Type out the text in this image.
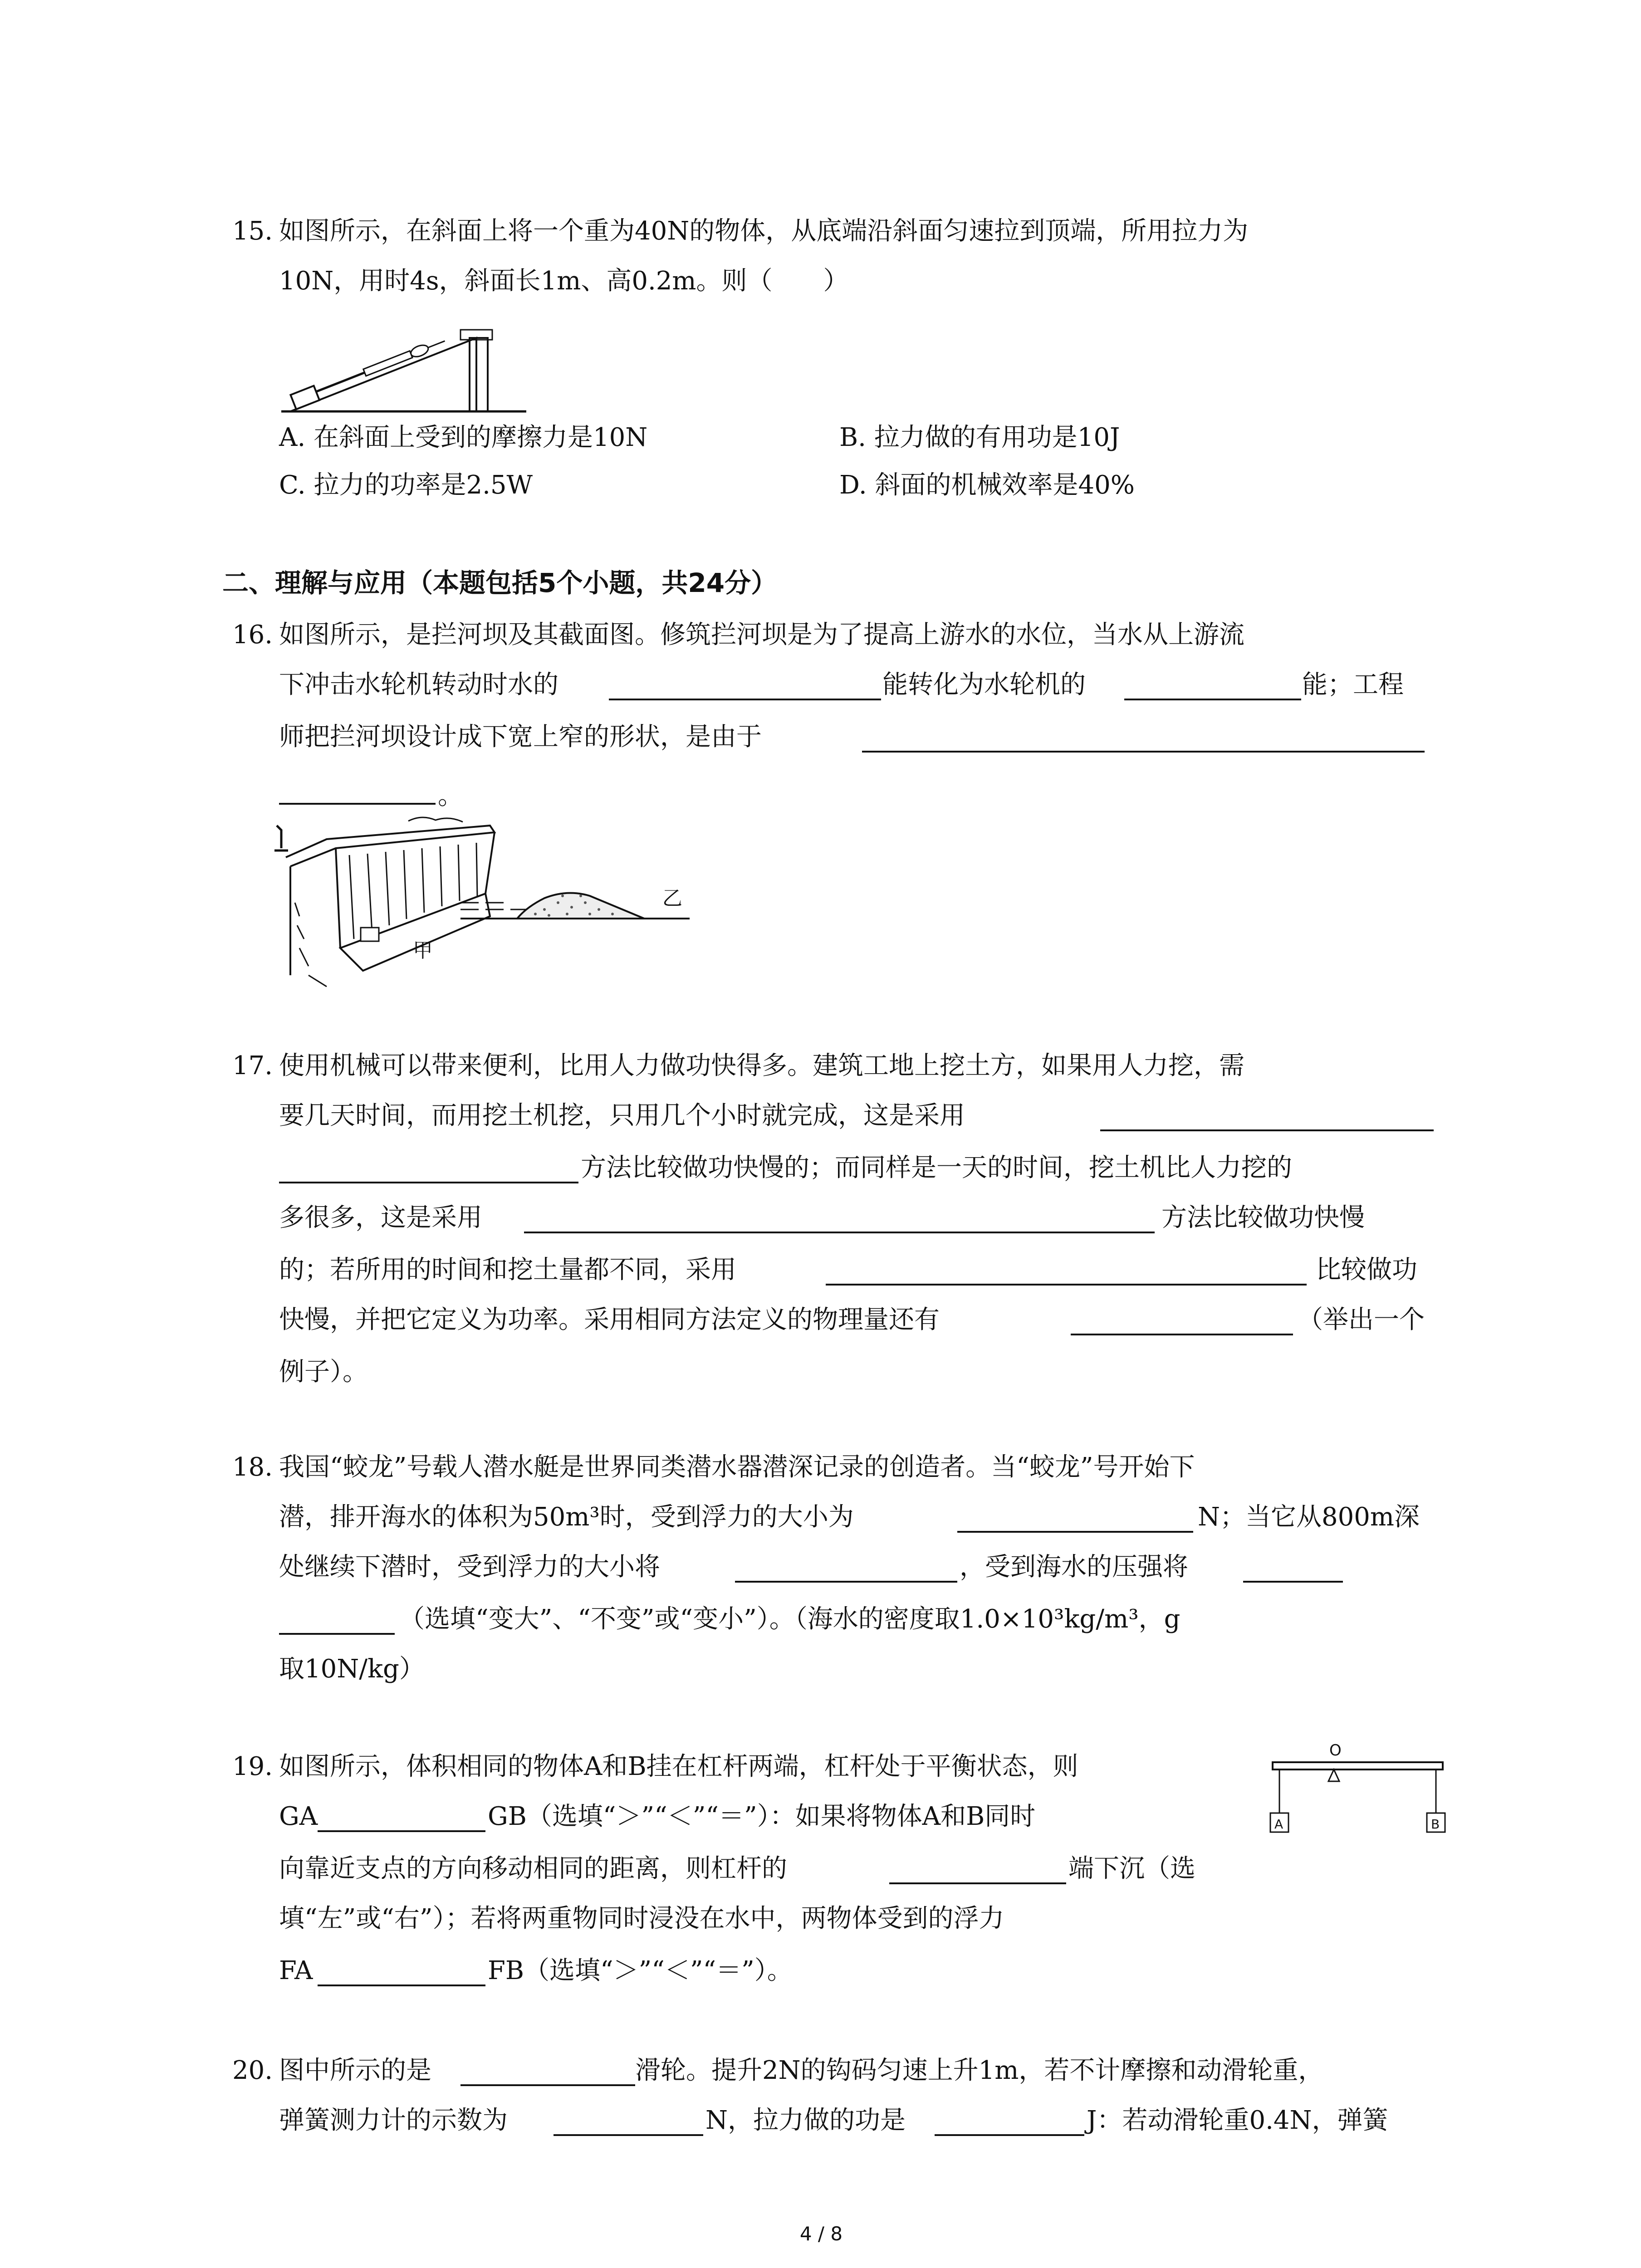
15. 如图所示，在斜面上将一个重为40N的物体，从底端沿斜面匀速拉到顶端，所用拉力为
10N，用时4s，斜面长1m、高0.2m。则（　　）
A. 在斜面上受到的摩擦力是10N	B. 拉力做的有用功是10J
C. 拉力的功率是2.5W	D. 斜面的机械效率是40%
二、理解与应用（本题包括5个小题，共24分）
16. 如图所示，是拦河坝及其截面图。修筑拦河坝是为了提高上游水的水位，当水从上游流
下冲击水轮机转动时水的	能转化为水轮机的	能；工程
师把拦河坝设计成下宽上窄的形状，是由于
。
乙
甲
17. 使用机械可以带来便利，比用人力做功快得多。建筑工地上挖土方，如果用人力挖，需
要几天时间，而用挖土机挖，只用几个小时就完成，这是采用
方法比较做功快慢的；而同样是一天的时间，挖土机比人力挖的
多很多，这是采用	方法比较做功快慢
的；若所用的时间和挖土量都不同，采用	比较做功
快慢，并把它定义为功率。采用相同方法定义的物理量还有	（举出一个
例子）。
18. 我国“蛟龙”号载人潜水艇是世界同类潜水器潜深记录的创造者。当“蛟龙”号开始下
潜，排开海水的体积为50m³时，受到浮力的大小为	N；当它从800m深
处继续下潜时，受到浮力的大小将	，受到海水的压强将
（选填“变大”、“不变”或“变小”）。（海水的密度取1.0×10³kg/m³，g
取10N/kg）
19. 如图所示，体积相同的物体A和B挂在杠杆两端，杠杆处于平衡状态，则
GA	GB（选填“＞”“＜”“＝”）：如果将物体A和B同时
向靠近支点的方向移动相同的距离，则杠杆的	端下沉（选
填“左”或“右”）；若将两重物同时浸没在水中，两物体受到的浮力
FA	FB（选填“＞”“＜”“＝”）。
O
A	B
20. 图中所示的是	滑轮。提升2N的钩码匀速上升1m，若不计摩擦和动滑轮重，
弹簧测力计的示数为	N，拉力做的功是	J：若动滑轮重0.4N，弹簧
4 / 8
